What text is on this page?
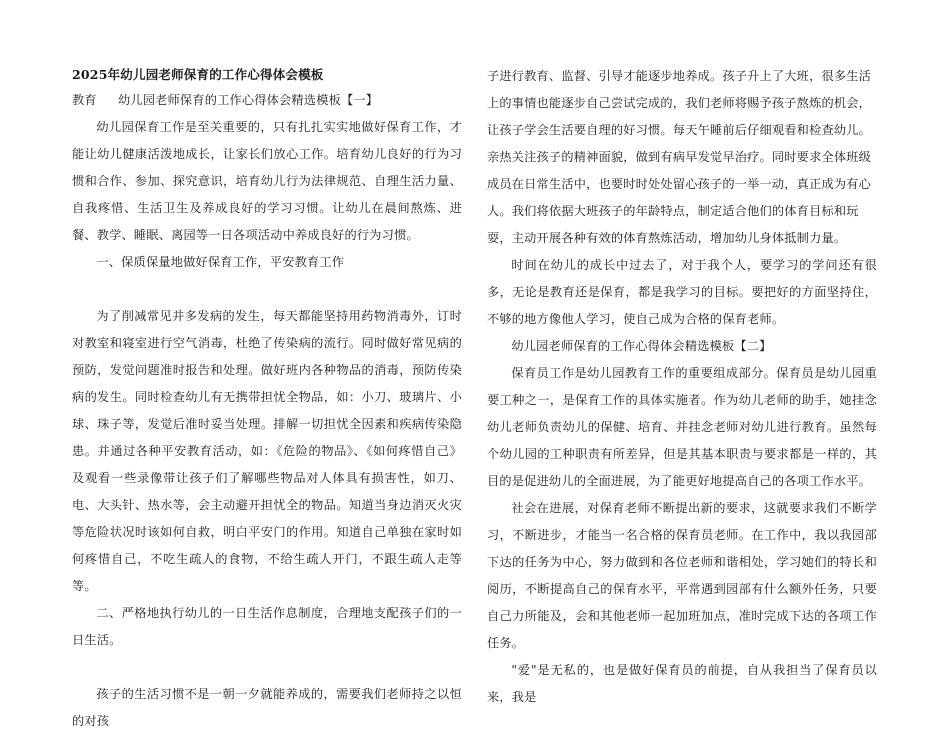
2025年幼儿园老师保育的工作心得体会模板

教育 幼儿园老师保育的工作心得体会精选模板【一】

幼儿园保育工作是至关重要的，只有扎扎实实地做好保育工作，才能让幼儿健康活泼地成长，让家长们放心工作。培育幼儿良好的行为习惯和合作、参加、探究意识，培育幼儿行为法律规范、自理生活力量、自我疼惜、生活卫生及养成良好的学习习惯。让幼儿在晨间熬炼、进餐、教学、睡眠、离园等一日各项活动中养成良好的行为习惯。

一、保质保量地做好保育工作，平安教育工作

为了削减常见并多发病的发生，每天都能坚持用药物消毒外，订时对教室和寝室进行空气消毒，杜绝了传染病的流行。同时做好常见病的预防，发觉问题准时报告和处理。做好班内各种物品的消毒，预防传染病的发生。同时检查幼儿有无携带担忧全物品，如：小刀、玻璃片、小球、珠子等，发觉后准时妥当处理。排解一切担忧全因素和疾病传染隐患。并通过各种平安教育活动，如：《危险的物品》、《如何疼惜自己》及观看一些录像带让孩子们了解哪些物品对人体具有损害性，如刀、电、大头针、热水等，会主动避开担忧全的物品。知道当身边消灭火灾等危险状况时该如何自救，明白平安门的作用。知道自己单独在家时如何疼惜自己，不吃生疏人的食物，不给生疏人开门，不跟生疏人走等等。

二、严格地执行幼儿的一日生活作息制度，合理地支配孩子们的一日生活。

孩子的生活习惯不是一朝一夕就能养成的，需要我们老师持之以恒的对孩

子进行教育、监督、引导才能逐步地养成。孩子升上了大班，很多生活上的事情也能逐步自己尝试完成的，我们老师将赐予孩子熬炼的机会，让孩子学会生活要自理的好习惯。每天午睡前后仔细观看和检查幼儿。亲热关注孩子的精神面貌，做到有病早发觉早治疗。同时要求全体班级成员在日常生活中，也要时时处处留心孩子的一举一动，真正成为有心人。我们将依据大班孩子的年龄特点，制定适合他们的体育目标和玩耍，主动开展各种有效的体育熬炼活动，增加幼儿身体抵制力量。

时间在幼儿的成长中过去了，对于我个人，要学习的学问还有很多，无论是教育还是保育，都是我学习的目标。要把好的方面坚持住，不够的地方像他人学习，使自己成为合格的保育老师。

幼儿园老师保育的工作心得体会精选模板【二】

保育员工作是幼儿园教育工作的重要组成部分。保育员是幼儿园重要工种之一，是保育工作的具体实施者。作为幼儿老师的助手，她挂念幼儿老师负责幼儿的保健、培育、并挂念老师对幼儿进行教育。虽然每个幼儿园的工种职责有所差异，但是其基本职责与要求都是一样的，其目的是促进幼儿的全面进展，为了能更好地提高自己的各项工作水平。

社会在进展，对保育老师不断提出新的要求，这就要求我们不断学习，不断进步，才能当一名合格的保育员老师。在工作中，我以我园部下达的任务为中心，努力做到和各位老师和谐相处，学习她们的特长和阅历，不断提高自己的保育水平，平常遇到园部有什么额外任务，只要自己力所能及，会和其他老师一起加班加点，准时完成下达的各项工作任务。

"爱"是无私的，也是做好保育员的前提，自从我担当了保育员以来，我是
